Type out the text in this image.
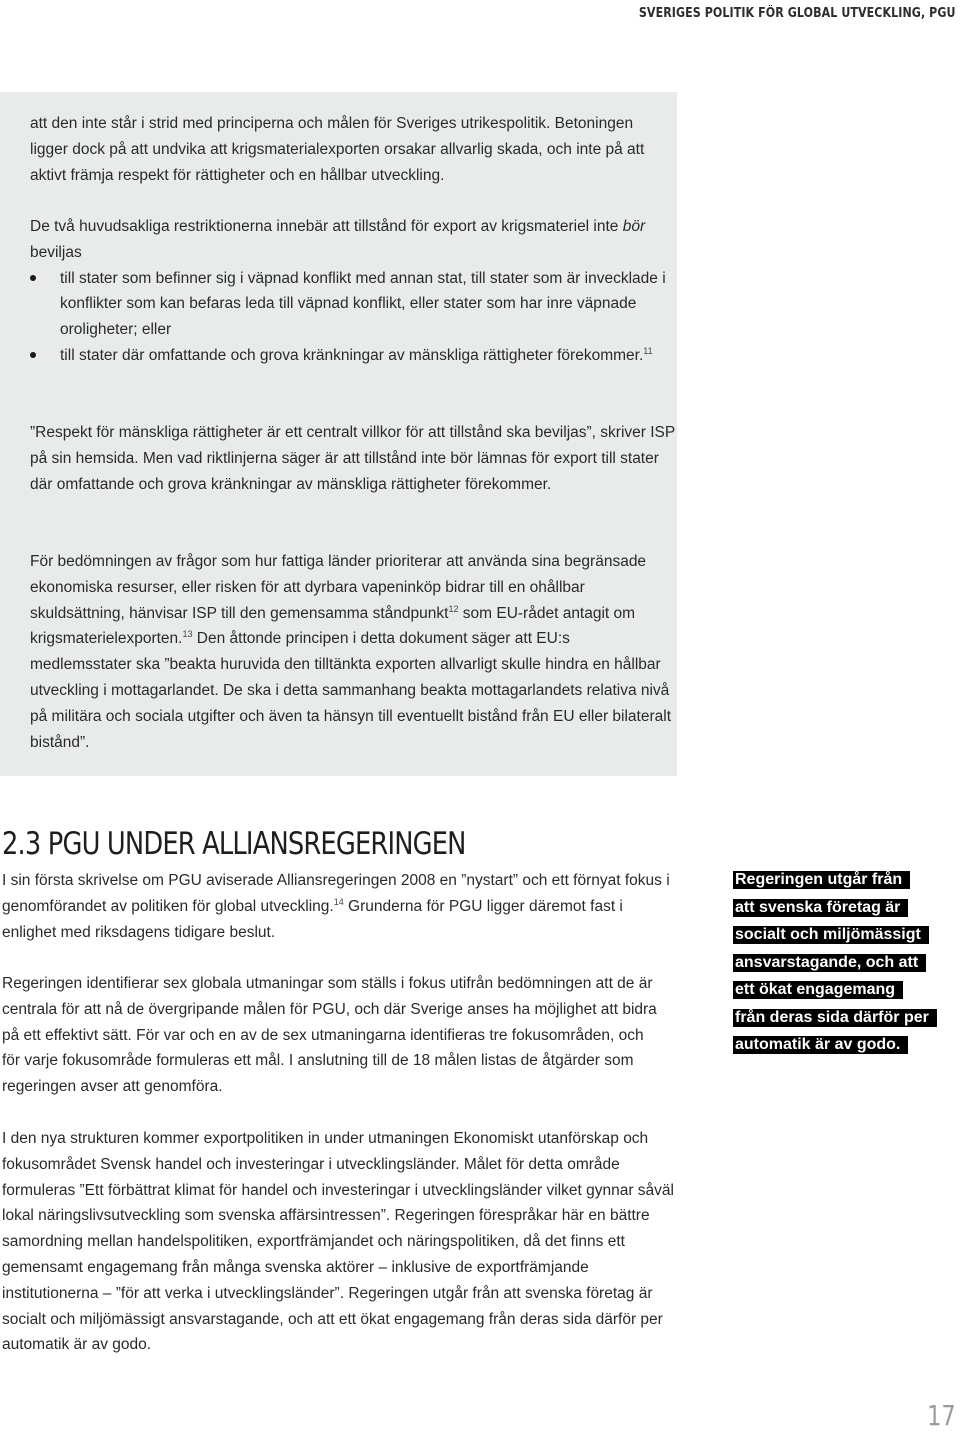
SVERIGES POLITIK FÖR GLOBAL UTVECKLING, PGU
att den inte står i strid med principerna och målen för Sveriges utrikespolitik. Betoningen ligger dock på att undvika att krigsmaterialexporten orsakar allvarlig skada, och inte på att aktivt främja respekt för rättigheter och en hållbar utveckling.
De två huvudsakliga restriktionerna innebär att tillstånd för export av krigsmateriel inte bör beviljas
till stater som befinner sig i väpnad konflikt med annan stat, till stater som är invecklade i konflikter som kan befaras leda till väpnad konflikt, eller stater som har inre väpnade oroligheter; eller
till stater där omfattande och grova kränkningar av mänskliga rättigheter förekommer.$^{11}$
”Respekt för mänskliga rättigheter är ett centralt villkor för att tillstånd ska beviljas”, skriver ISP på sin hemsida. Men vad riktlinjerna säger är att tillstånd inte bör lämnas för export till stater där omfattande och grova kränkningar av mänskliga rättigheter förekommer.
För bedömningen av frågor som hur fattiga länder prioriterar att använda sina begränsade ekonomiska resurser, eller risken för att dyrbara vapeninköp bidrar till en ohållbar skuldsättning, hänvisar ISP till den gemensamma ståndpunkt$^{12}$ som EU-rådet antagit om krigsmaterielexporten.$^{13}$ Den åttonde principen i detta dokument säger att EU:s medlemsstater ska ”beakta huruvida den tilltänkta exporten allvarligt skulle hindra en hållbar utveckling i mottagarlandet. De ska i detta sammanhang beakta mottagarlandets relativa nivå på militära och sociala utgifter och även ta hänsyn till eventuellt bistånd från EU eller bilateralt bistånd”.
2.3 PGU UNDER ALLIANSREGERINGEN
I sin första skrivelse om PGU aviserade Alliansregeringen 2008 en ”nystart” och ett förnyat fokus i genomförandet av politiken för global utveckling.$^{14}$ Grunderna för PGU ligger däremot fast i enlighet med riksdagens tidigare beslut.
Regeringen identifierar sex globala utmaningar som ställs i fokus utifrån bedömningen att de är centrala för att nå de övergripande målen för PGU, och där Sverige anses ha möjlighet att bidra på ett effektivt sätt. För var och en av de sex utmaningarna identifieras tre fokusområden, och för varje fokusområde formuleras ett mål. I anslutning till de 18 målen listas de åtgärder som regeringen avser att genomföra.
I den nya strukturen kommer exportpolitiken in under utmaningen Ekonomiskt utanförskap och fokusområdet Svensk handel och investeringar i utvecklingsländer. Målet för detta område formuleras ”Ett förbättrat klimat för handel och investeringar i utvecklingsländer vilket gynnar såväl lokal näringslivsutveckling som svenska affärsintressen”. Regeringen förespråkar här en bättre samordning mellan handelspolitiken, exportfrämjandet och näringspolitiken, då det finns ett gemensamt engagemang från många svenska aktörer – inklusive de exportfrämjande institutionerna – ”för att verka i utvecklingsländer”. Regeringen utgår från att svenska företag är socialt och miljömässigt ansvarstagande, och att ett ökat engagemang från deras sida därför per automatik är av godo.
Regeringen utgår från
att svenska företag är
socialt och miljömässigt
ansvarstagande, och att
ett ökat engagemang
från deras sida därför per
automatik är av godo.
17
